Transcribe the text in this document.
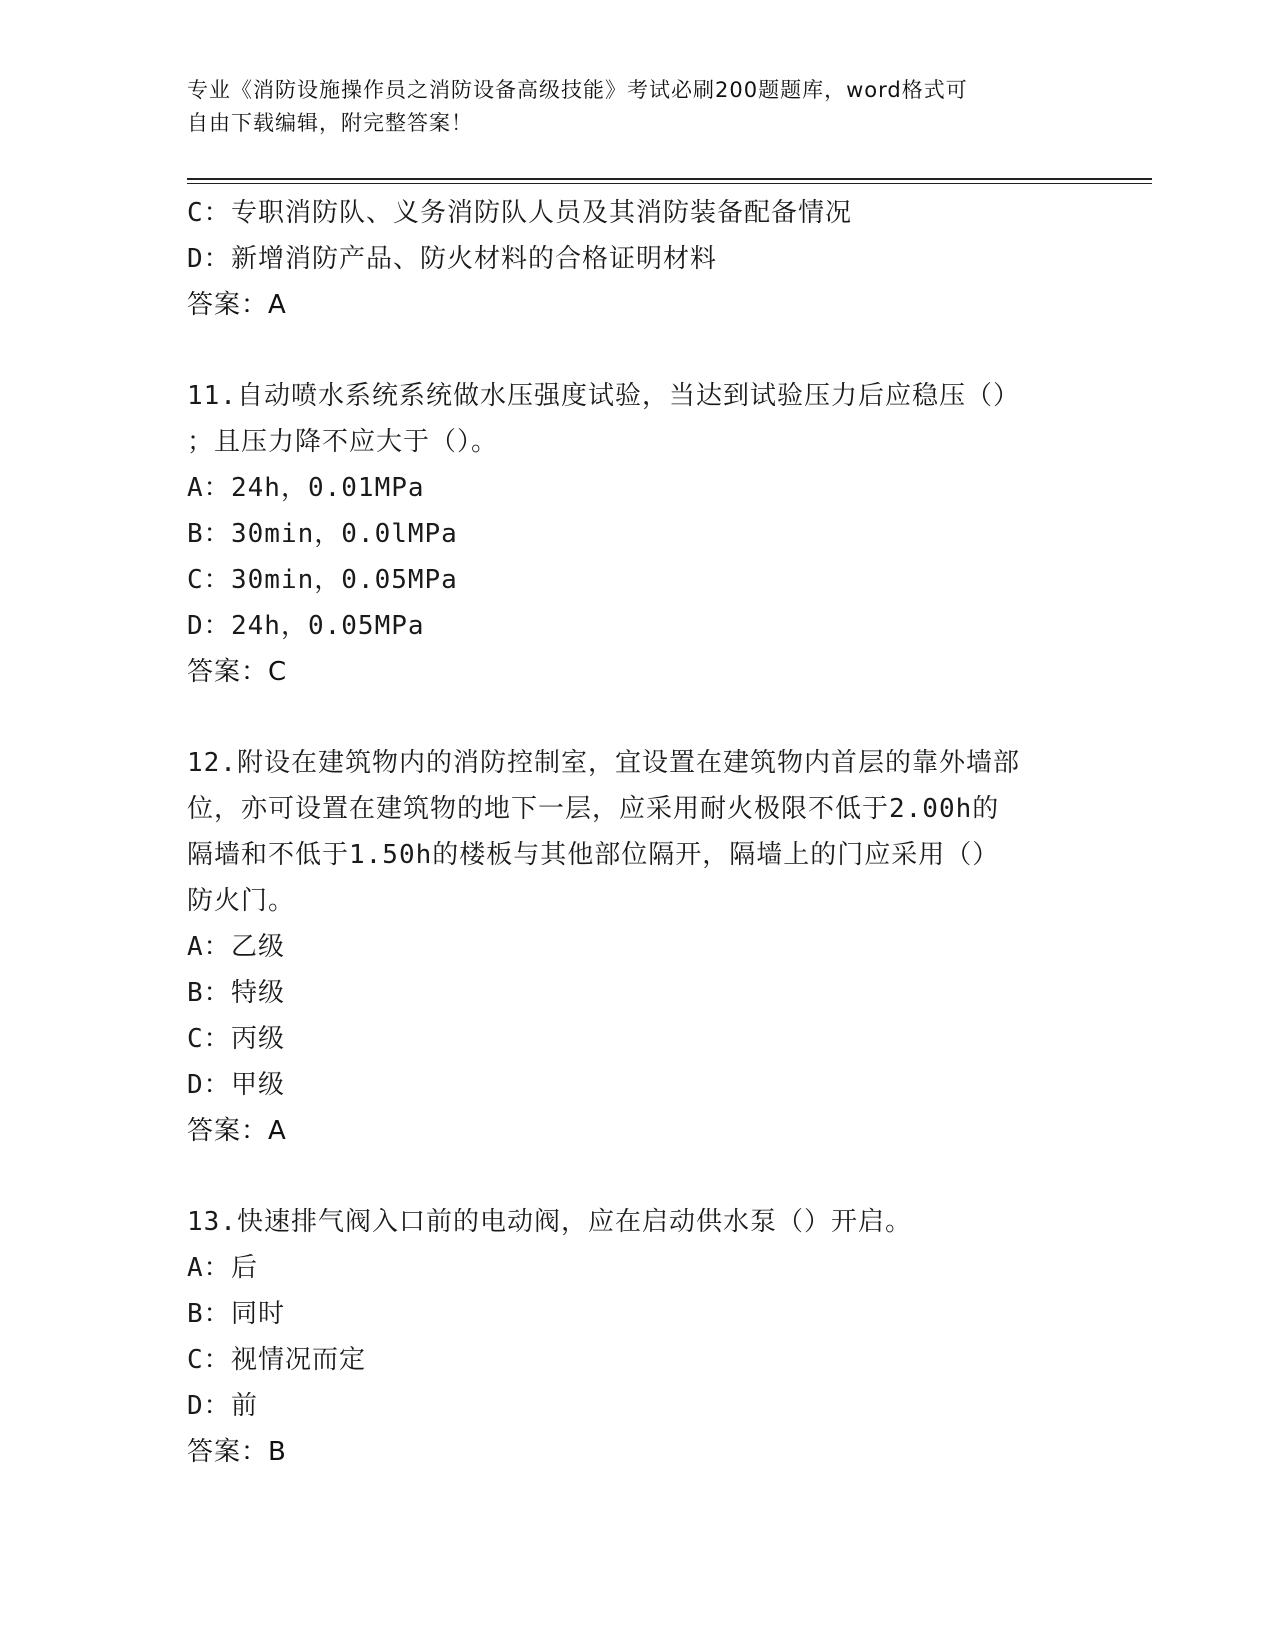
专业《消防设施操作员之消防设备高级技能》考试必刷200题题库，word格式可
自由下载编辑，附完整答案！
C：专职消防队、义务消防队人员及其消防装备配备情况
D：新增消防产品、防火材料的合格证明材料
答案：A
11.自动喷水系统系统做水压强度试验，当达到试验压力后应稳压（）
；且压力降不应大于（）。
A：24h，0.01MPa
B：30min，0.0lMPa
C：30min，0.05MPa
D：24h，0.05MPa
答案：C
12.附设在建筑物内的消防控制室，宜设置在建筑物内首层的靠外墙部
位，亦可设置在建筑物的地下一层，应采用耐火极限不低于2.00h的
隔墙和不低于1.50h的楼板与其他部位隔开，隔墙上的门应采用（）
防火门。
A：乙级
B：特级
C：丙级
D：甲级
答案：A
13.快速排气阀入口前的电动阀，应在启动供水泵（）开启。
A：后
B：同时
C：视情况而定
D：前
答案：B
